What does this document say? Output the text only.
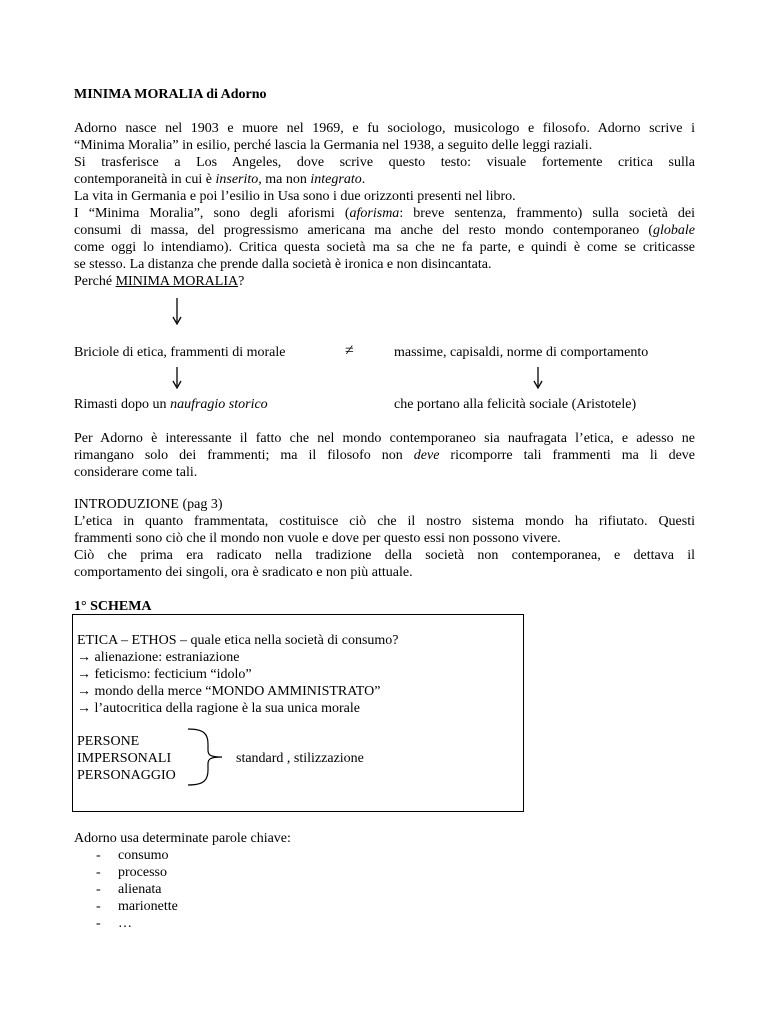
MINIMA MORALIA di Adorno
Adorno nasce nel 1903 e muore nel 1969, e fu sociologo, musicologo e filosofo. Adorno scrive i
“Minima Moralia” in esilio, perché lascia la Germania nel 1938, a seguito delle leggi raziali.
Si trasferisce a Los Angeles, dove scrive questo testo: visuale fortemente critica sulla
contemporaneità in cui è inserito, ma non integrato.
La vita in Germania e poi l’esilio in Usa sono i due orizzonti presenti nel libro.
I “Minima Moralia”, sono degli aforismi (aforisma: breve sentenza, frammento) sulla società dei
consumi di massa, del progressismo americana ma anche del resto mondo contemporaneo (globale
come oggi lo intendiamo). Critica questa società ma sa che ne fa parte, e quindi è come se criticasse
se stesso. La distanza che prende dalla società è ironica e non disincantata.
Perché MINIMA MORALIA?
Briciole di etica, frammenti di morale	≠	massime, capisaldi, norme di comportamento
Rimasti dopo un naufragio storico	che portano alla felicità sociale (Aristotele)
Per Adorno è interessante il fatto che nel mondo contemporaneo sia naufragata l’etica, e adesso ne
rimangano solo dei frammenti; ma il filosofo non deve ricomporre tali frammenti ma li deve
considerare come tali.
INTRODUZIONE (pag 3)
L’etica in quanto frammentata, costituisce ciò che il nostro sistema mondo ha rifiutato. Questi
frammenti sono ciò che il mondo non vuole e dove per questo essi non possono vivere.
Ciò che prima era radicato nella tradizione della società non contemporanea, e dettava il
comportamento dei singoli, ora è sradicato e non più attuale.
1° SCHEMA
ETICA – ETHOS – quale etica nella società di consumo?
→ alienazione: estraniazione
→ feticismo: fecticium “idolo”
→ mondo della merce “MONDO AMMINISTRATO”
→ l’autocritica della ragione è la sua unica morale
PERSONE
IMPERSONALI
PERSONAGGIO
standard , stilizzazione
Adorno usa determinate parole chiave:
- consumo
- processo
- alienata
- marionette
- …
